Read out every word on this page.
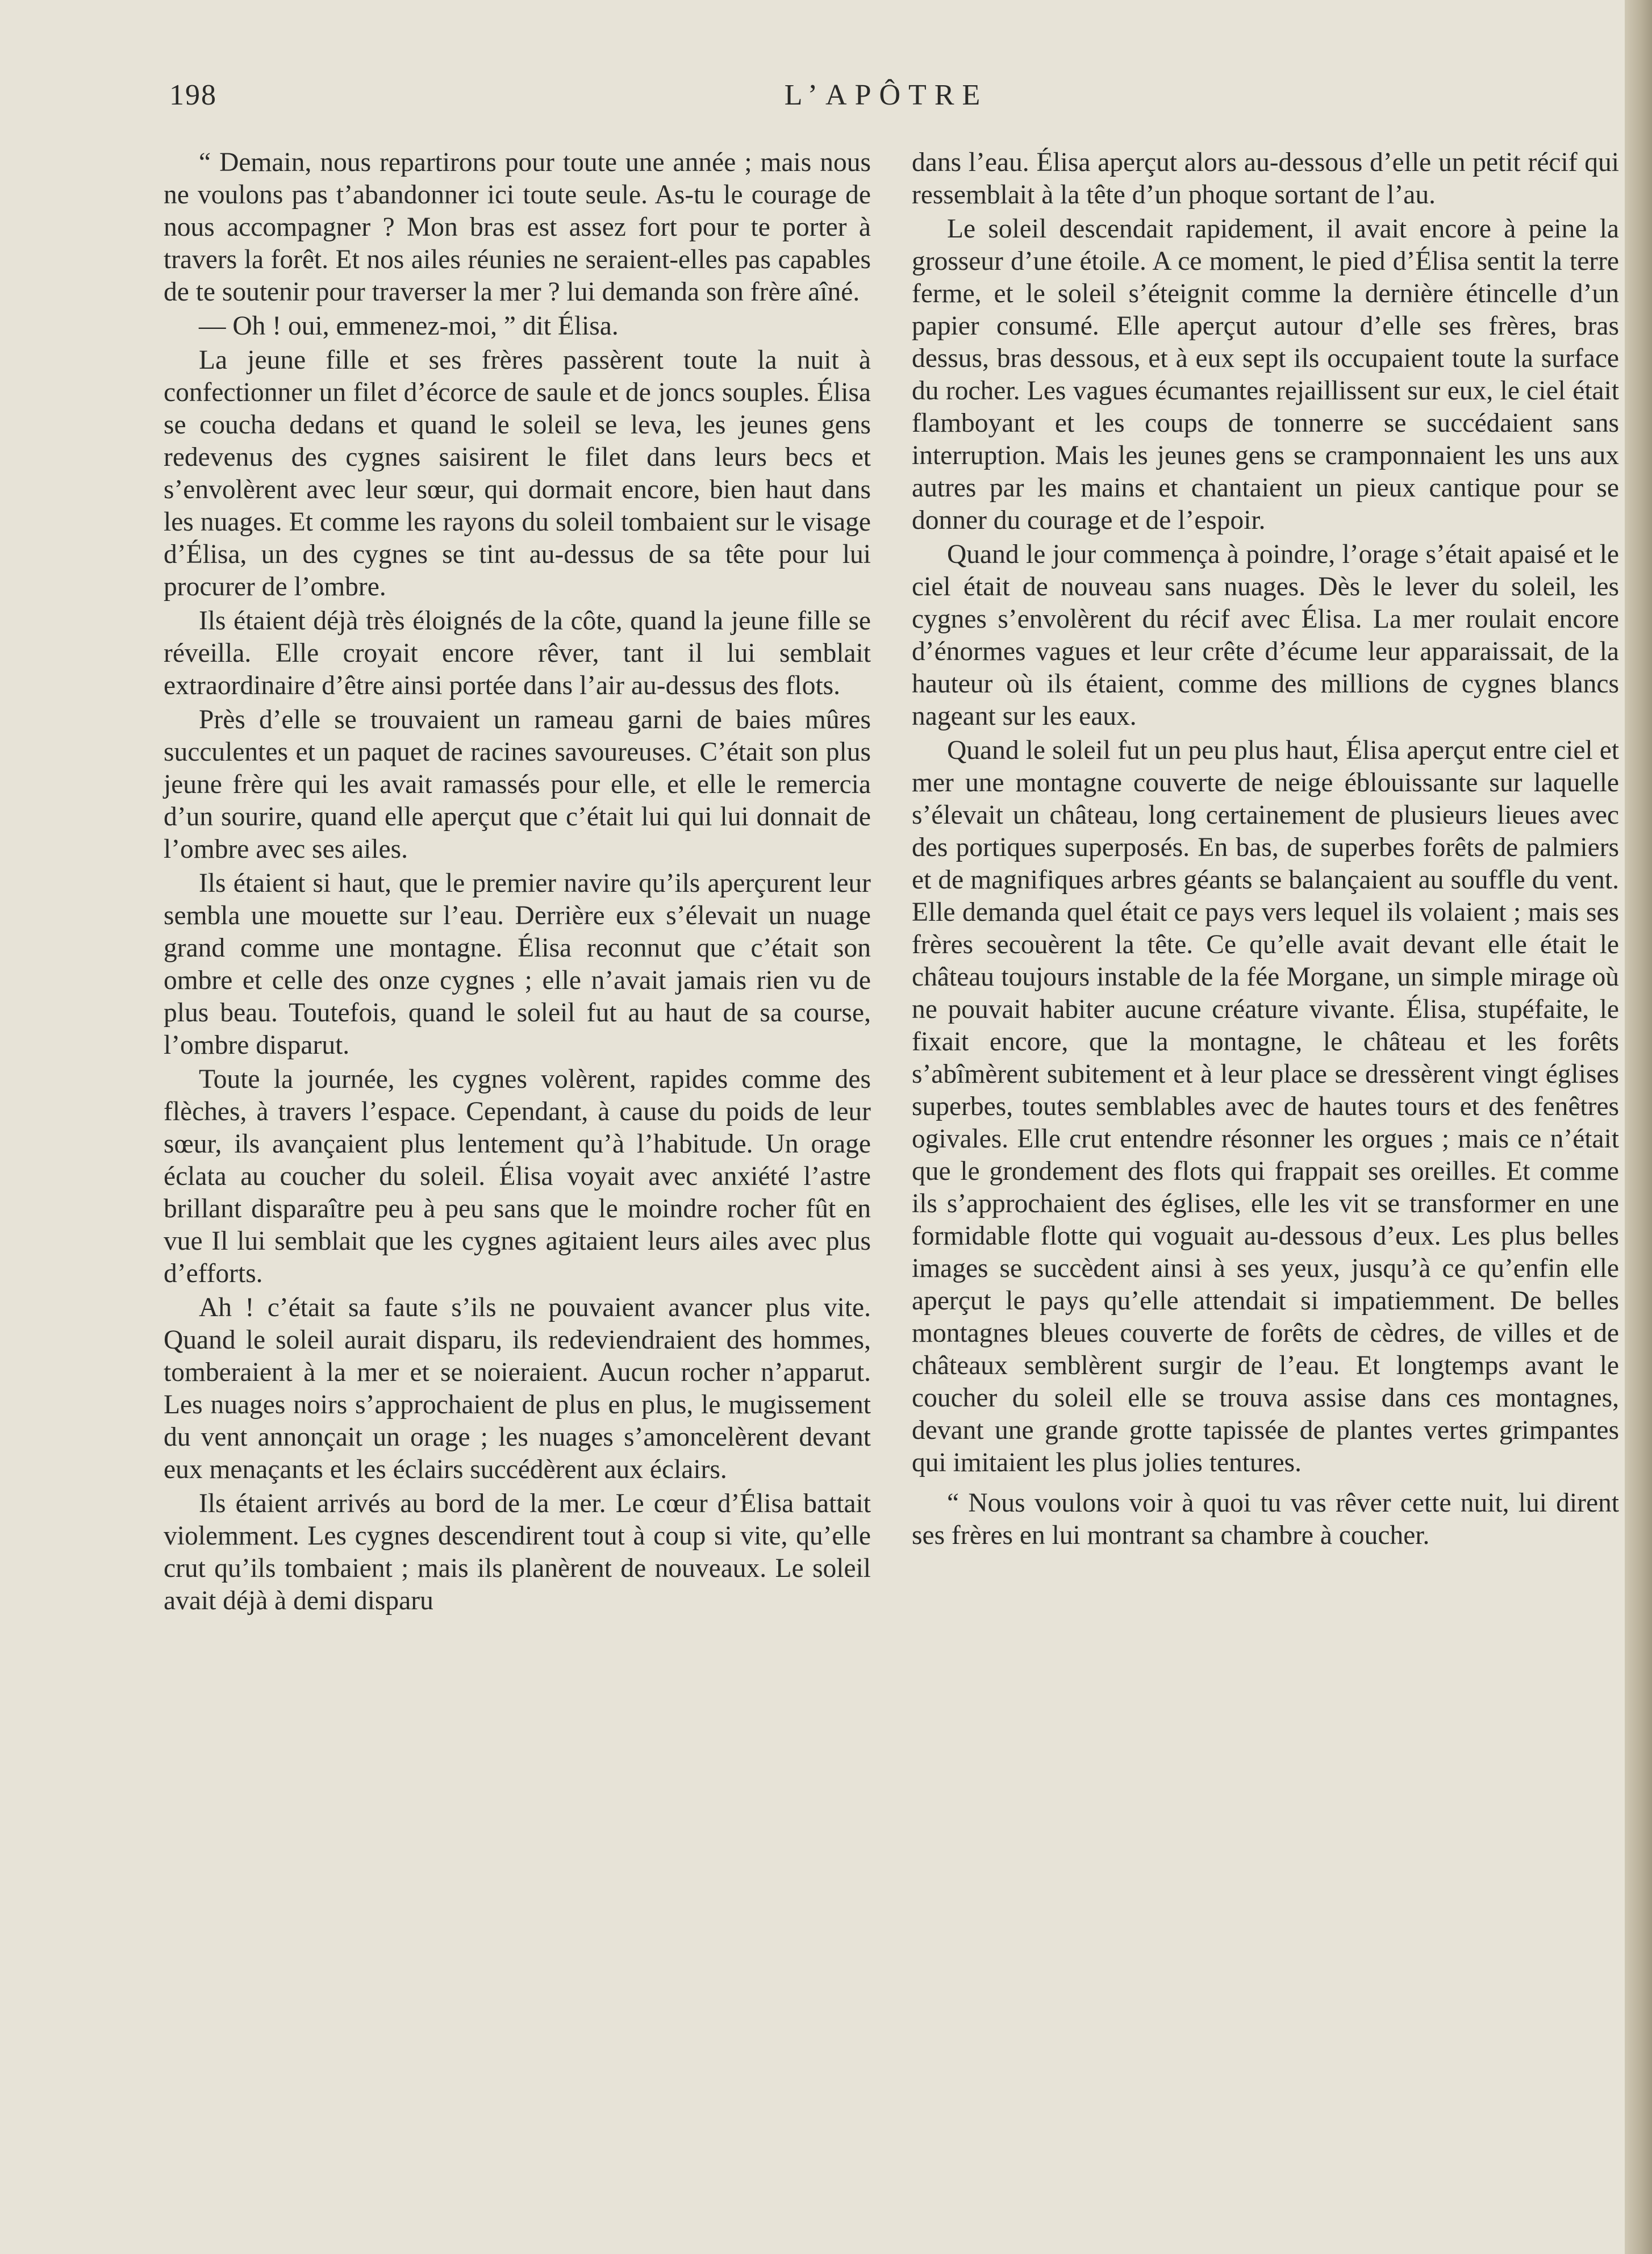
198	L’APÔTRE

“ Demain, nous repartirons pour toute une année ; mais nous ne voulons pas t’abandonner ici toute seule. As-tu le courage de nous accompagner ? Mon bras est assez fort pour te porter à travers la forêt. Et nos ailes réunies ne seraient-elles pas capables de te soutenir pour traverser la mer ? lui demanda son frère aîné.

— Oh ! oui, emmenez-moi, ” dit Élisa.

La jeune fille et ses frères passèrent toute la nuit à confectionner un filet d’écorce de saule et de joncs souples. Élisa se coucha dedans et quand le soleil se leva, les jeunes gens redevenus des cygnes saisirent le filet dans leurs becs et s’envolèrent avec leur sœur, qui dormait encore, bien haut dans les nuages. Et comme les rayons du soleil tombaient sur le visage d’Élisa, un des cygnes se tint au-dessus de sa tête pour lui procurer de l’ombre.

Ils étaient déjà très éloignés de la côte, quand la jeune fille se réveilla. Elle croyait encore rêver, tant il lui semblait extraordinaire d’être ainsi portée dans l’air au-dessus des flots.

Près d’elle se trouvaient un rameau garni de baies mûres succulentes et un paquet de racines savoureuses. C’était son plus jeune frère qui les avait ramassés pour elle, et elle le remercia d’un sourire, quand elle aperçut que c’était lui qui lui donnait de l’ombre avec ses ailes.

Ils étaient si haut, que le premier navire qu’ils aperçurent leur sembla une mouette sur l’eau. Derrière eux s’élevait un nuage grand comme une montagne. Élisa reconnut que c’était son ombre et celle des onze cygnes ; elle n’avait jamais rien vu de plus beau. Toutefois, quand le soleil fut au haut de sa course, l’ombre disparut.

Toute la journée, les cygnes volèrent, rapides comme des flèches, à travers l’espace. Cependant, à cause du poids de leur sœur, ils avançaient plus lentement qu’à l’habitude. Un orage éclata au coucher du soleil. Élisa voyait avec anxiété l’astre brillant disparaître peu à peu sans que le moindre rocher fût en vue Il lui semblait que les cygnes agitaient leurs ailes avec plus d’efforts.

Ah ! c’était sa faute s’ils ne pouvaient avancer plus vite. Quand le soleil aurait disparu, ils redeviendraient des hommes, tomberaient à la mer et se noieraient. Aucun rocher n’apparut. Les nuages noirs s’approchaient de plus en plus, le mugissement du vent annonçait un orage ; les nuages s’amoncelèrent devant eux menaçants et les éclairs succédèrent aux éclairs.

Ils étaient arrivés au bord de la mer. Le cœur d’Élisa battait violemment. Les cygnes descendirent tout à coup si vite, qu’elle crut qu’ils tombaient ; mais ils planèrent de nouveaux. Le soleil avait déjà à demi disparu

dans l’eau. Élisa aperçut alors au-dessous d’elle un petit récif qui ressemblait à la tête d’un phoque sortant de l’au.

Le soleil descendait rapidement, il avait encore à peine la grosseur d’une étoile. A ce moment, le pied d’Élisa sentit la terre ferme, et le soleil s’éteignit comme la dernière étincelle d’un papier consumé. Elle aperçut autour d’elle ses frères, bras dessus, bras dessous, et à eux sept ils occupaient toute la surface du rocher. Les vagues écumantes rejaillissent sur eux, le ciel était flamboyant et les coups de tonnerre se succédaient sans interruption. Mais les jeunes gens se cramponnaient les uns aux autres par les mains et chantaient un pieux cantique pour se donner du courage et de l’espoir.

Quand le jour commença à poindre, l’orage s’était apaisé et le ciel était de nouveau sans nuages. Dès le lever du soleil, les cygnes s’envolèrent du récif avec Élisa. La mer roulait encore d’énormes vagues et leur crête d’écume leur apparaissait, de la hauteur où ils étaient, comme des millions de cygnes blancs nageant sur les eaux.

Quand le soleil fut un peu plus haut, Élisa aperçut entre ciel et mer une montagne couverte de neige éblouissante sur laquelle s’élevait un château, long certainement de plusieurs lieues avec des portiques superposés. En bas, de superbes forêts de palmiers et de magnifiques arbres géants se balançaient au souffle du vent. Elle demanda quel était ce pays vers lequel ils volaient ; mais ses frères secouèrent la tête. Ce qu’elle avait devant elle était le château toujours instable de la fée Morgane, un simple mirage où ne pouvait habiter aucune créature vivante. Élisa, stupéfaite, le fixait encore, que la montagne, le château et les forêts s’abîmèrent subitement et à leur place se dressèrent vingt églises superbes, toutes semblables avec de hautes tours et des fenêtres ogivales. Elle crut entendre résonner les orgues ; mais ce n’était que le grondement des flots qui frappait ses oreilles. Et comme ils s’approchaient des églises, elle les vit se transformer en une formidable flotte qui voguait au-dessous d’eux. Les plus belles images se succèdent ainsi à ses yeux, jusqu’à ce qu’enfin elle aperçut le pays qu’elle attendait si impatiemment. De belles montagnes bleues couverte de forêts de cèdres, de villes et de châteaux semblèrent surgir de l’eau. Et longtemps avant le coucher du soleil elle se trouva assise dans ces montagnes, devant une grande grotte tapissée de plantes vertes grimpantes qui imitaient les plus jolies tentures.

“ Nous voulons voir à quoi tu vas rêver cette nuit, lui dirent ses frères en lui montrant sa chambre à coucher.
